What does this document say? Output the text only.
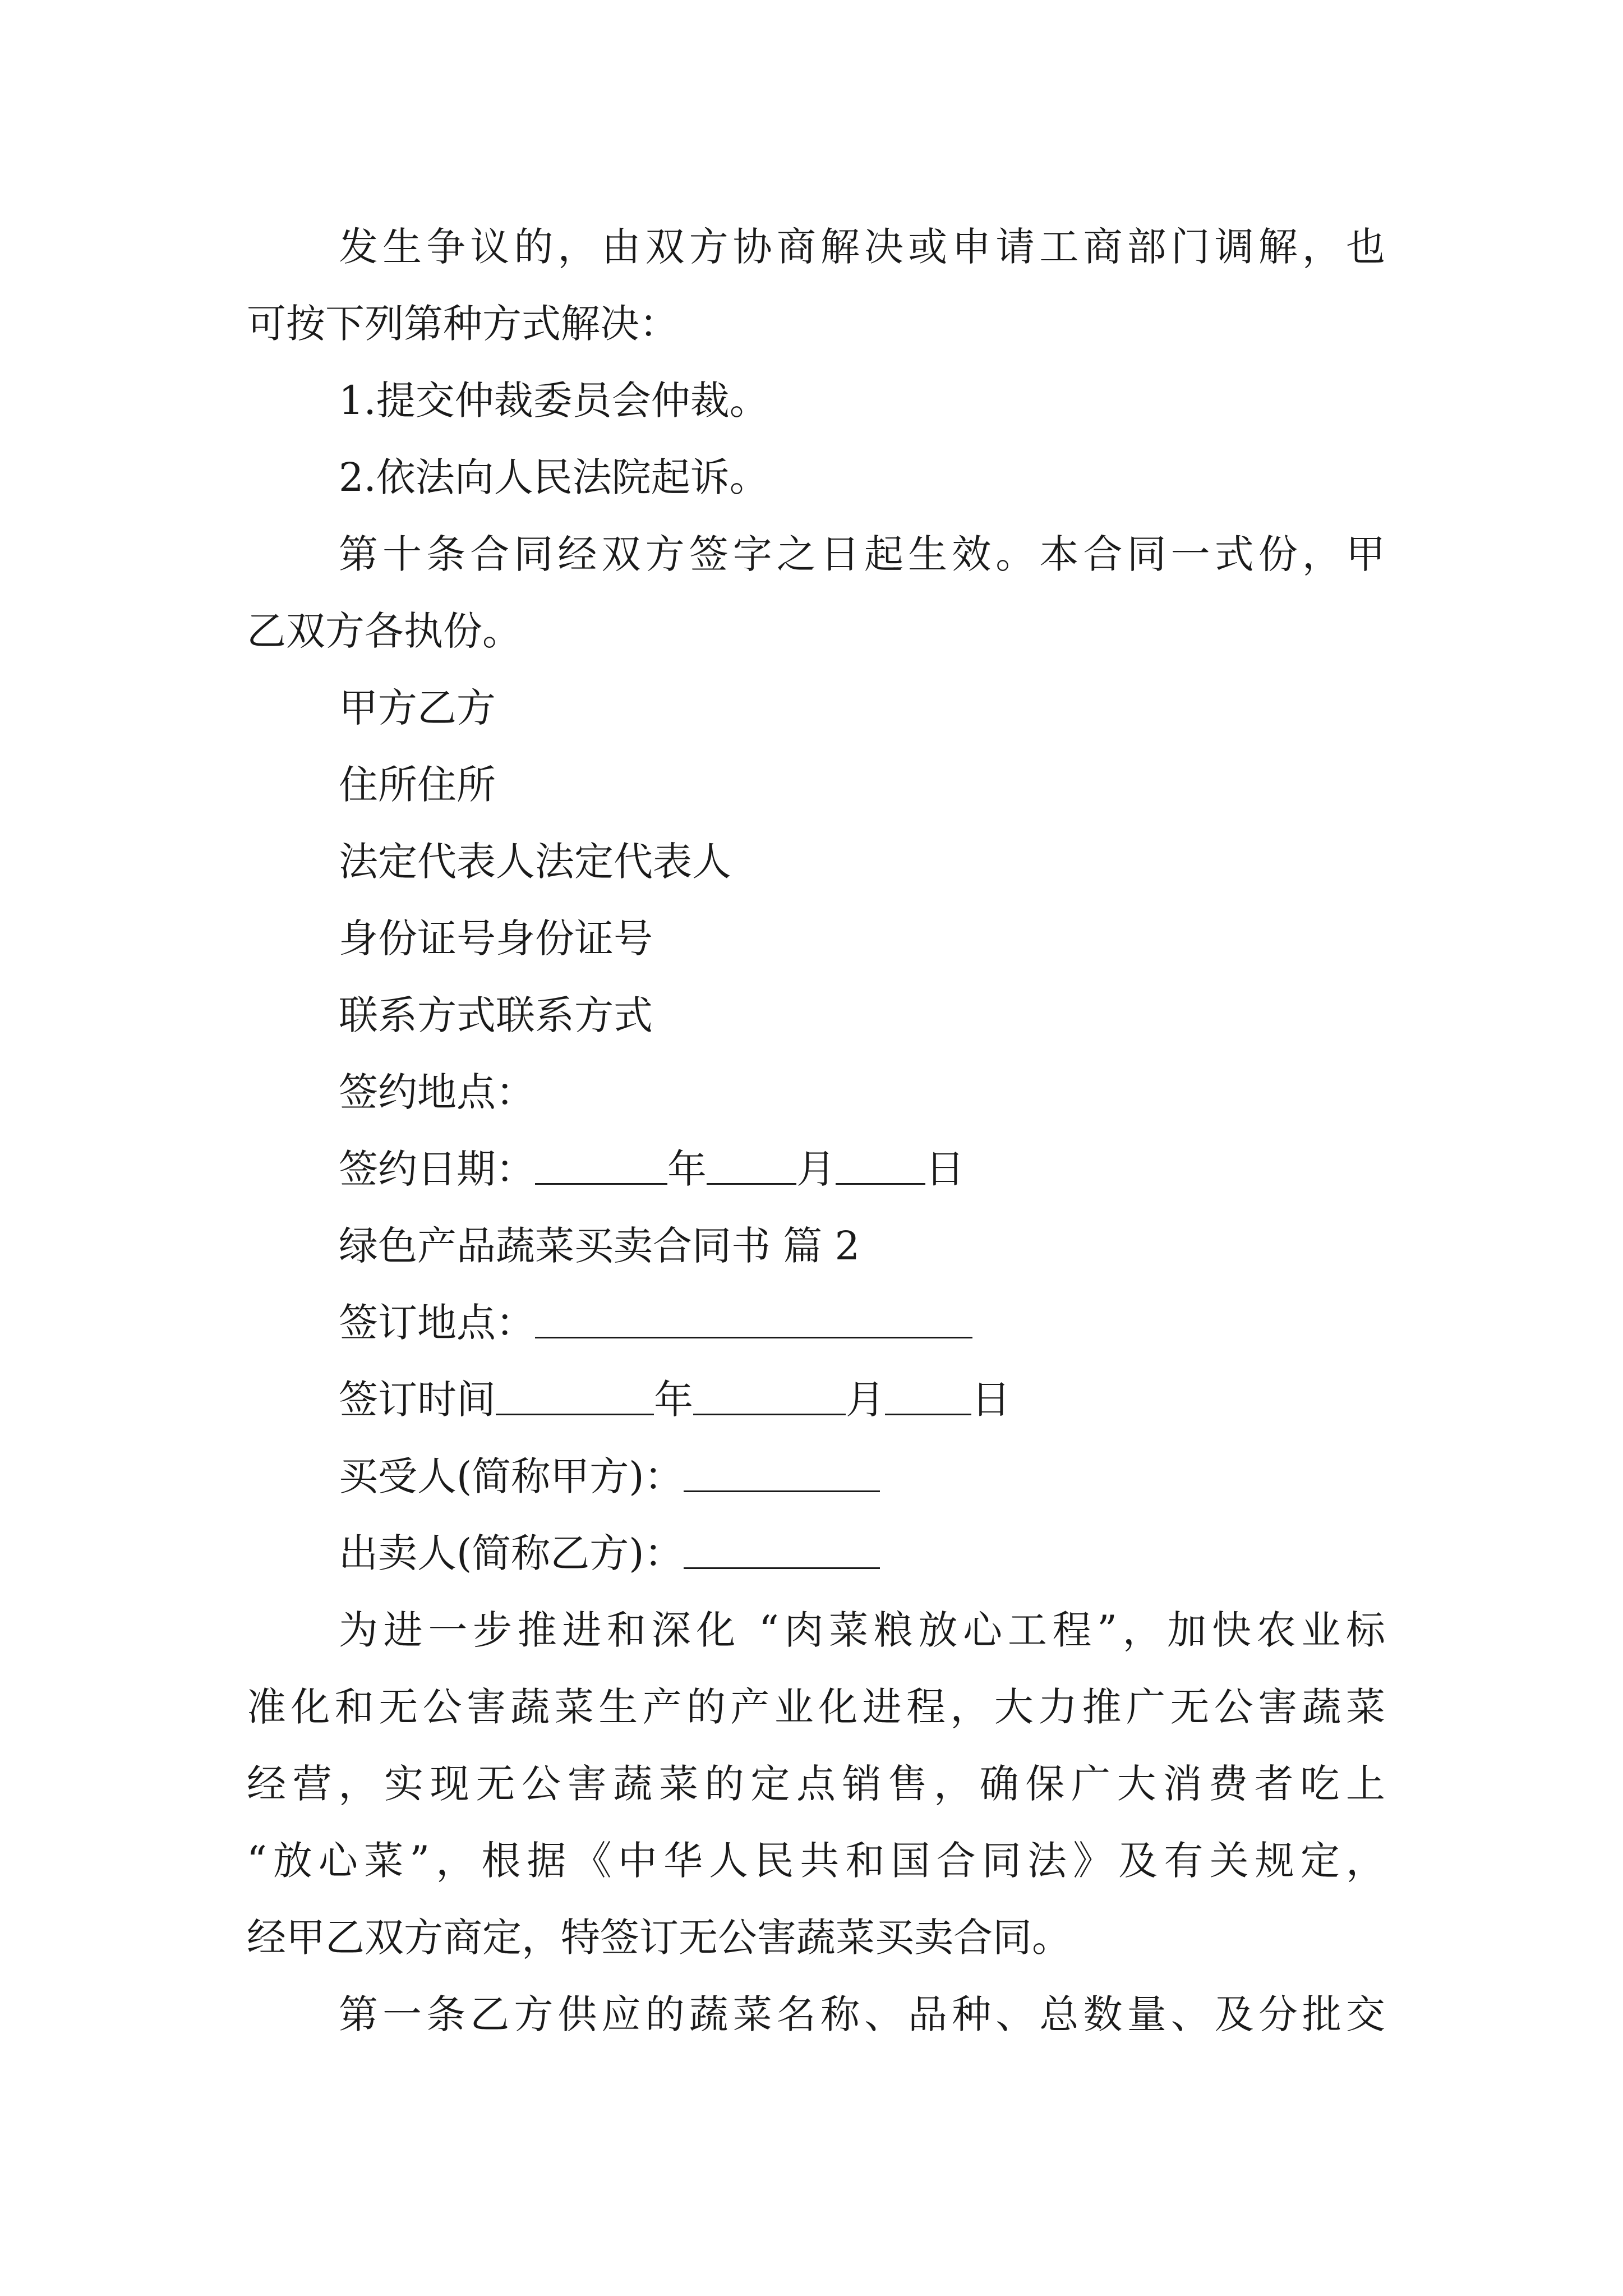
发生争议的，由双方协商解决或申请工商部门调解，也
可按下列第种方式解决：
1.提交仲裁委员会仲裁。
2.依法向人民法院起诉。
第十条合同经双方签字之日起生效。本合同一式份，甲
乙双方各执份。
甲方乙方
住所住所
法定代表人法定代表人
身份证号身份证号
联系方式联系方式
签约地点：
签约日期：	年 月 日
绿色产品蔬菜买卖合同书 篇 2
签订地点：
签订时间	年	月 日
买受人(简称甲方)：
出卖人(简称乙方)：
为进一步推进和深化 “肉菜粮放心工程”，加快农业标
准化和无公害蔬菜生产的产业化进程，大力推广无公害蔬菜
经营，实现无公害蔬菜的定点销售，确保广大消费者吃上
“放心菜”，根据《中华人民共和国合同法》及有关规定，
经甲乙双方商定，特签订无公害蔬菜买卖合同。
第一条乙方供应的蔬菜名称、品种、总数量、及分批交
